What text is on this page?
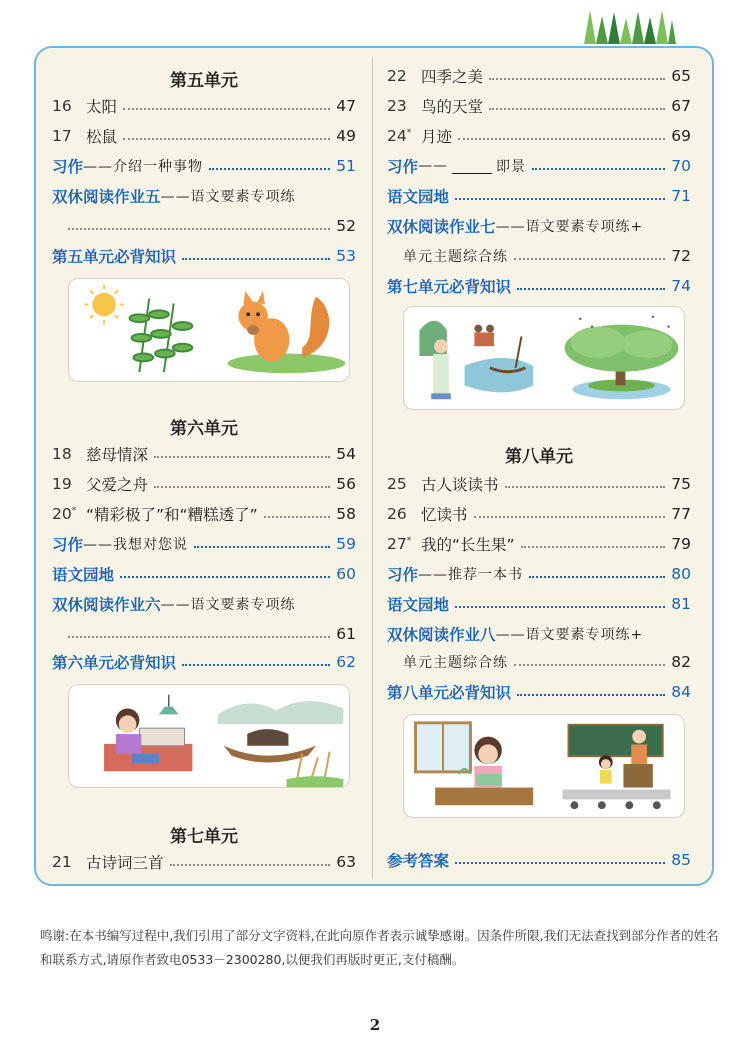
第五单元
16 太阳	47
17 松鼠	49
习作 ——介绍一种事物	51
双休阅读作业五 ——语文要素专项练
52
第五单元必背知识	53
第六单元
18 慈母情深	54
19 父爱之舟	56
20* “精彩极了”和“糟糕透了”	58
习作 ——我想对您说	59
语文园地	60
双休阅读作业六 ——语文要素专项练
61
第六单元必背知识	62
第七单元
21 古诗词三首	63
22 四季之美	65
23 鸟的天堂	67
24* 月迹	69
习作 ——	即景	70
语文园地	71
双休阅读作业七 ——语文要素专项练+
单元主题综合练	72
第七单元必背知识	74
第八单元
25 古人谈读书	75
26 忆读书	77
27* 我的“长生果”	79
习作 ——推荐一本书	80
语文园地	81
双休阅读作业八 ——语文要素专项练+
单元主题综合练	82
第八单元必背知识	84
参考答案	85
鸣谢:在本书编写过程中,我们引用了部分文字资料,在此向原作者表示诚挚感谢。因条件所限,我们无法查找到部分作者的姓名和联系方式,请原作者致电0533－2300280,以便我们再版时更正,支付稿酬。
2
